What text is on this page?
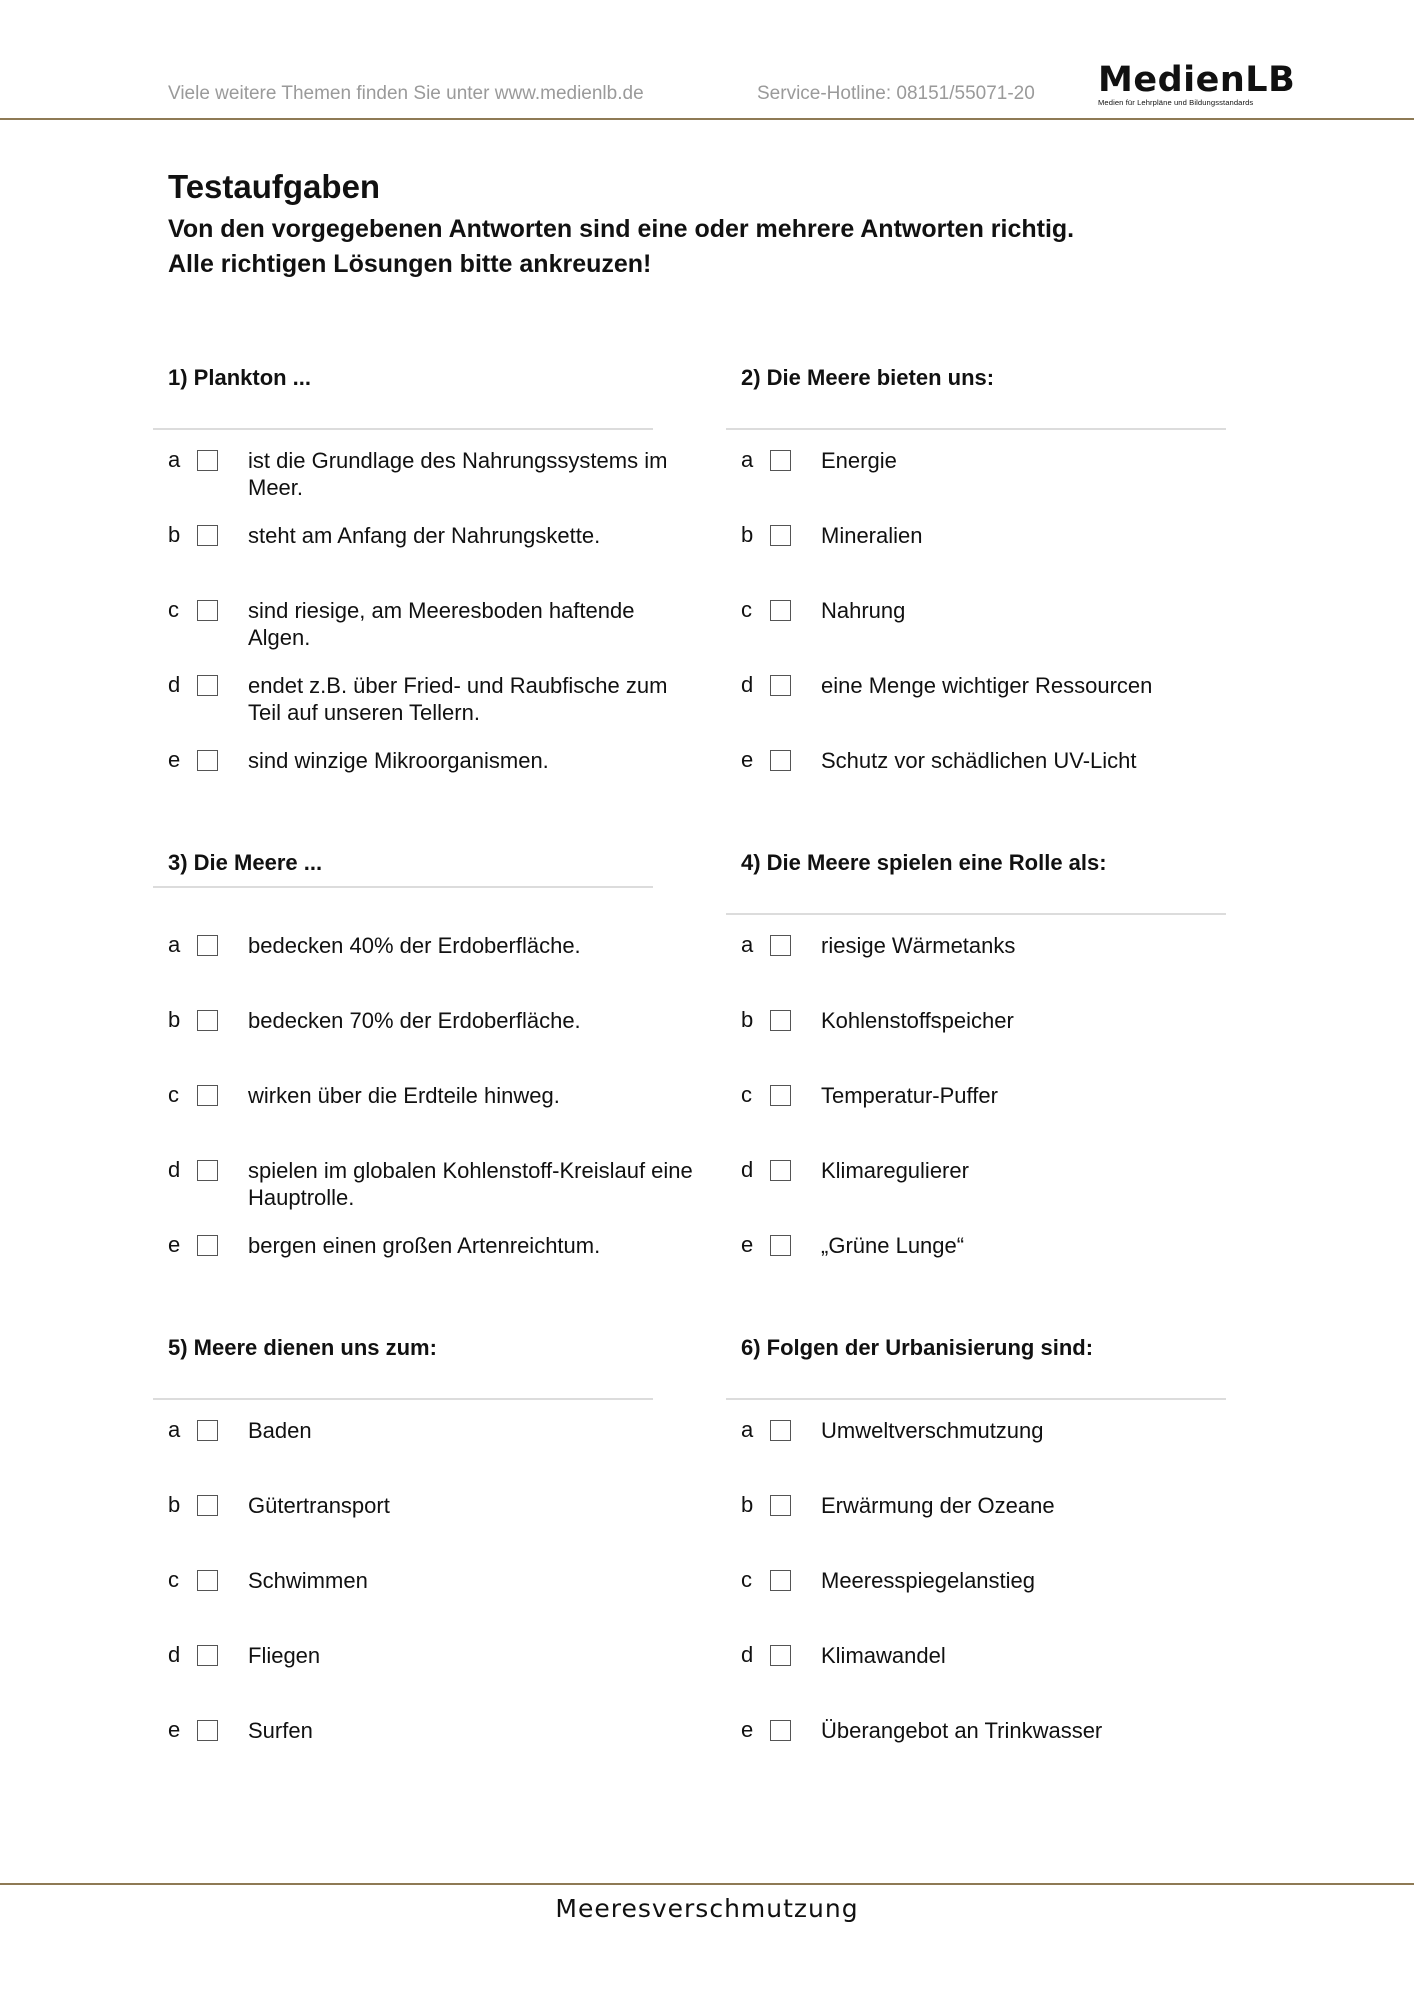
Viele weitere Themen finden Sie unter www.medienlb.de	Service-Hotline: 08151/55071-20 MedienLB
Medien für Lehrpläne und Bildungsstandards
Testaufgaben
Von den vorgegebenen Antworten sind eine oder mehrere Antworten richtig.
Alle richtigen Lösungen bitte ankreuzen!
1) Plankton ...
a	ist die Grundlage des Nahrungssystems im Meer.
b	steht am Anfang der Nahrungskette.
c	sind riesige, am Meeresboden haftende Algen.
d	endet z.B. über Fried- und Raubfische zum Teil auf unseren Tellern.
e	sind winzige Mikroorganismen.
2) Die Meere bieten uns:
a	Energie
b	Mineralien
c	Nahrung
d	eine Menge wichtiger Ressourcen
e	Schutz vor schädlichen UV-Licht
3) Die Meere ...
a	bedecken 40% der Erdoberfläche.
b	bedecken 70% der Erdoberfläche.
c	wirken über die Erdteile hinweg.
d	spielen im globalen Kohlenstoff-Kreislauf eine Hauptrolle.
e	bergen einen großen Artenreichtum.
4) Die Meere spielen eine Rolle als:
a	riesige Wärmetanks
b	Kohlenstoffspeicher
c	Temperatur-Puffer
d	Klimaregulierer
e	„Grüne Lunge“
5) Meere dienen uns zum:
a	Baden
b	Gütertransport
c	Schwimmen
d	Fliegen
e	Surfen
6) Folgen der Urbanisierung sind:
a	Umweltverschmutzung
b	Erwärmung der Ozeane
c	Meeresspiegelanstieg
d	Klimawandel
e	Überangebot an Trinkwasser
Meeresverschmutzung
